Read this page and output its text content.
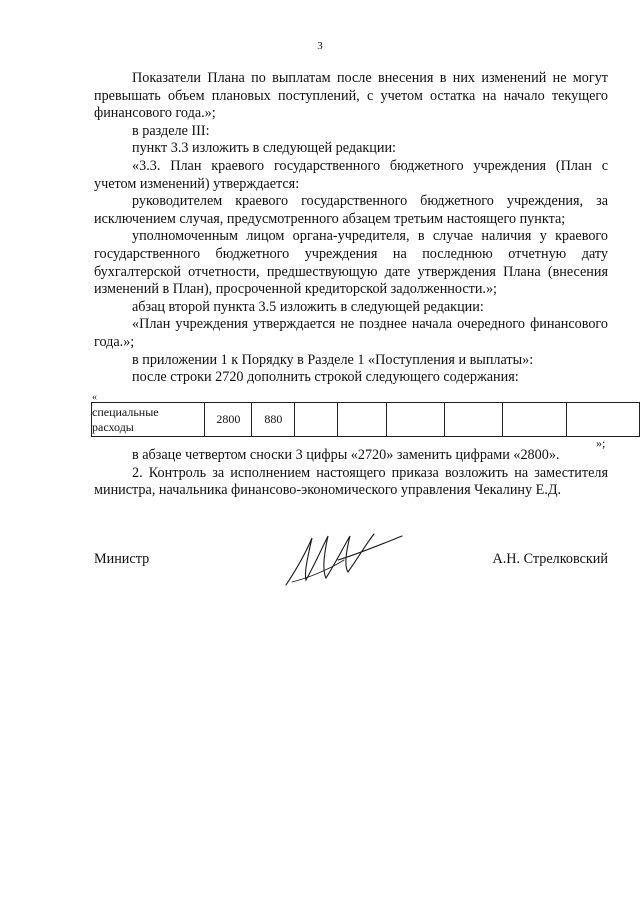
3

Показатели Плана по выплатам после внесения в них изменений не могут превышать объем плановых поступлений, с учетом остатка на начало текущего финансового года.»;

в разделе III:

пункт 3.3 изложить в следующей редакции:

«3.3. План краевого государственного бюджетного учреждения (План с учетом изменений) утверждается:

руководителем краевого государственного бюджетного учреждения, за исключением случая, предусмотренного абзацем третьим настоящего пункта;

уполномоченным лицом органа-учредителя, в случае наличия у краевого государственного бюджетного учреждения на последнюю отчетную дату бухгалтерской отчетности, предшествующую дате утверждения Плана (внесения изменений в План), просроченной кредиторской задолженности.»;

абзац второй пункта 3.5 изложить в следующей редакции:

«План учреждения утверждается не позднее начала очередного финансового года.»;

в приложении 1 к Порядку в Разделе 1 «Поступления и выплаты»:

после строки 2720 дополнить строкой следующего содержания:

«
специальные расходы	2800	880						
»;

в абзаце четвертом сноски 3 цифры «2720» заменить цифрами «2800».

2. Контроль за исполнением настоящего приказа возложить на заместителя министра, начальника финансово-экономического управления Чекалину Е.Д.

Министр	А.Н. Стрелковский
